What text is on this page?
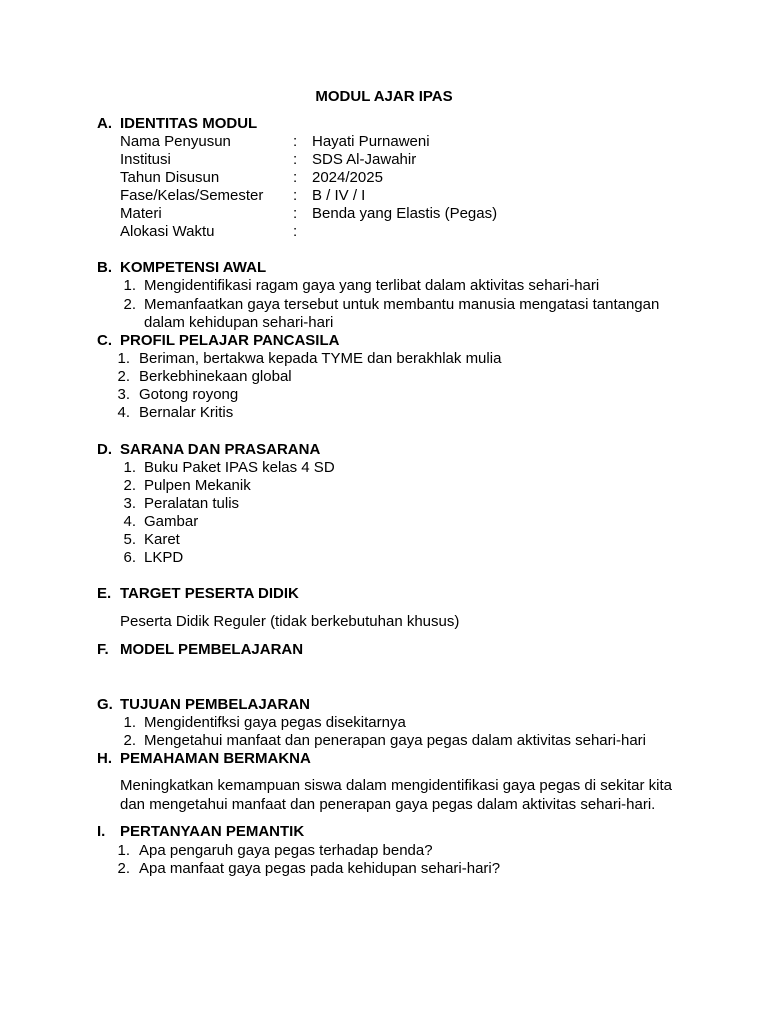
MODUL AJAR IPAS
A. IDENTITAS MODUL
Nama Penyusun	: Hayati Purnaweni
Institusi	: SDS Al-Jawahir
Tahun Disusun	: 2024/2025
Fase/Kelas/Semester : B / IV / I
Materi	: Benda yang Elastis (Pegas)
Alokasi Waktu	:
B. KOMPETENSI AWAL
1. Mengidentifikasi ragam gaya yang terlibat dalam aktivitas sehari-hari
2. Memanfaatkan gaya tersebut untuk membantu manusia mengatasi tantangan
dalam kehidupan sehari-hari
C. PROFIL PELAJAR PANCASILA
1. Beriman, bertakwa kepada TYME dan berakhlak mulia
2. Berkebhinekaan global
3. Gotong royong
4. Bernalar Kritis
D. SARANA DAN PRASARANA
1. Buku Paket IPAS kelas 4 SD
2. Pulpen Mekanik
3. Peralatan tulis
4. Gambar
5. Karet
6. LKPD
E. TARGET PESERTA DIDIK
Peserta Didik Reguler (tidak berkebutuhan khusus)
F. MODEL PEMBELAJARAN
G. TUJUAN PEMBELAJARAN
1. Mengidentifksi gaya pegas disekitarnya
2. Mengetahui manfaat dan penerapan gaya pegas dalam aktivitas sehari-hari
H. PEMAHAMAN BERMAKNA
Meningkatkan kemampuan siswa dalam mengidentifikasi gaya pegas di sekitar kita
dan mengetahui manfaat dan penerapan gaya pegas dalam aktivitas sehari-hari.
I. PERTANYAAN PEMANTIK
1. Apa pengaruh gaya pegas terhadap benda?
2. Apa manfaat gaya pegas pada kehidupan sehari-hari?
